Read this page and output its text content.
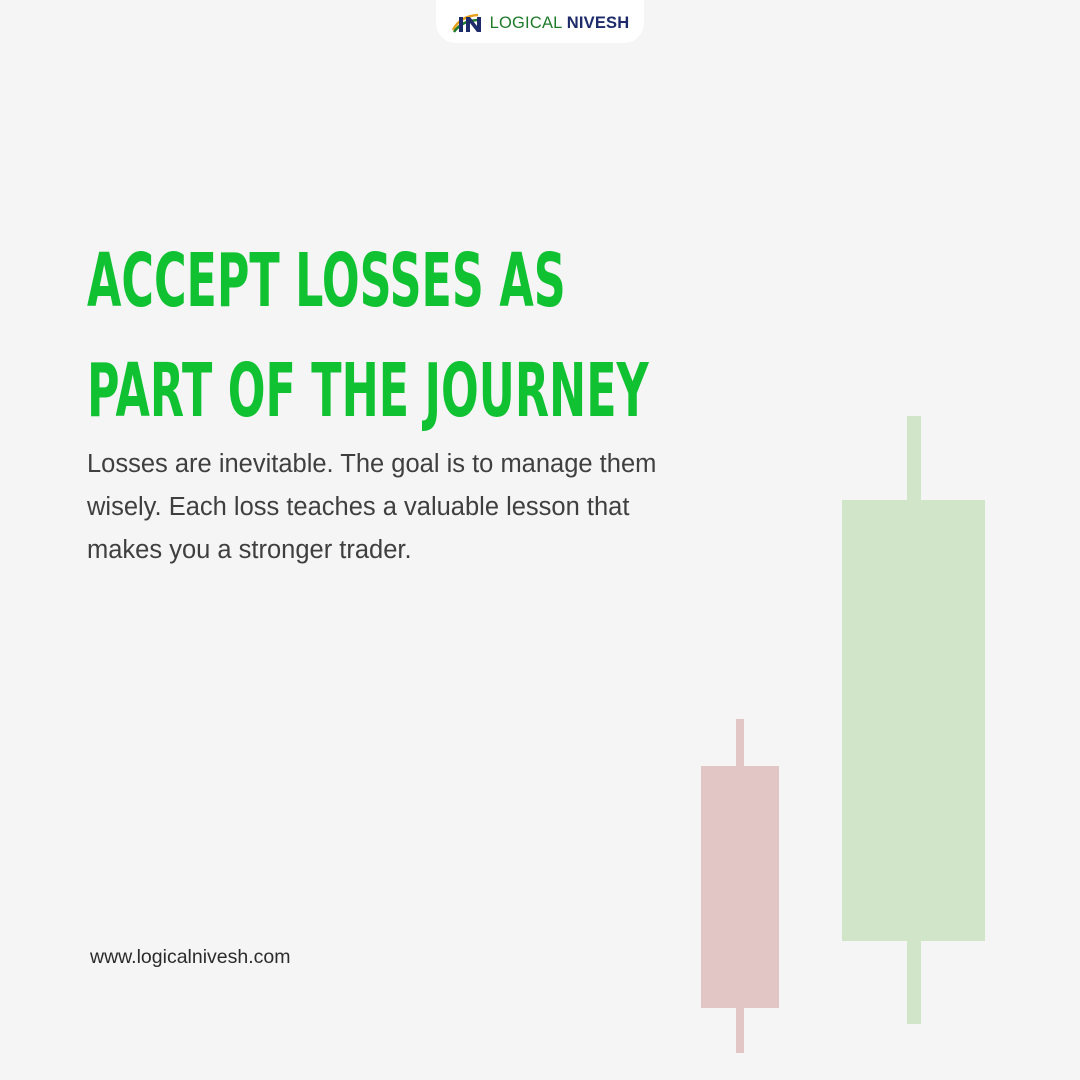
LOGICAL NIVESH
ACCEPT LOSSES AS
PART OF THE JOURNEY

Losses are inevitable. The goal is to manage them wisely. Each loss teaches a valuable lesson that makes you a stronger trader.

www.logicalnivesh.com
